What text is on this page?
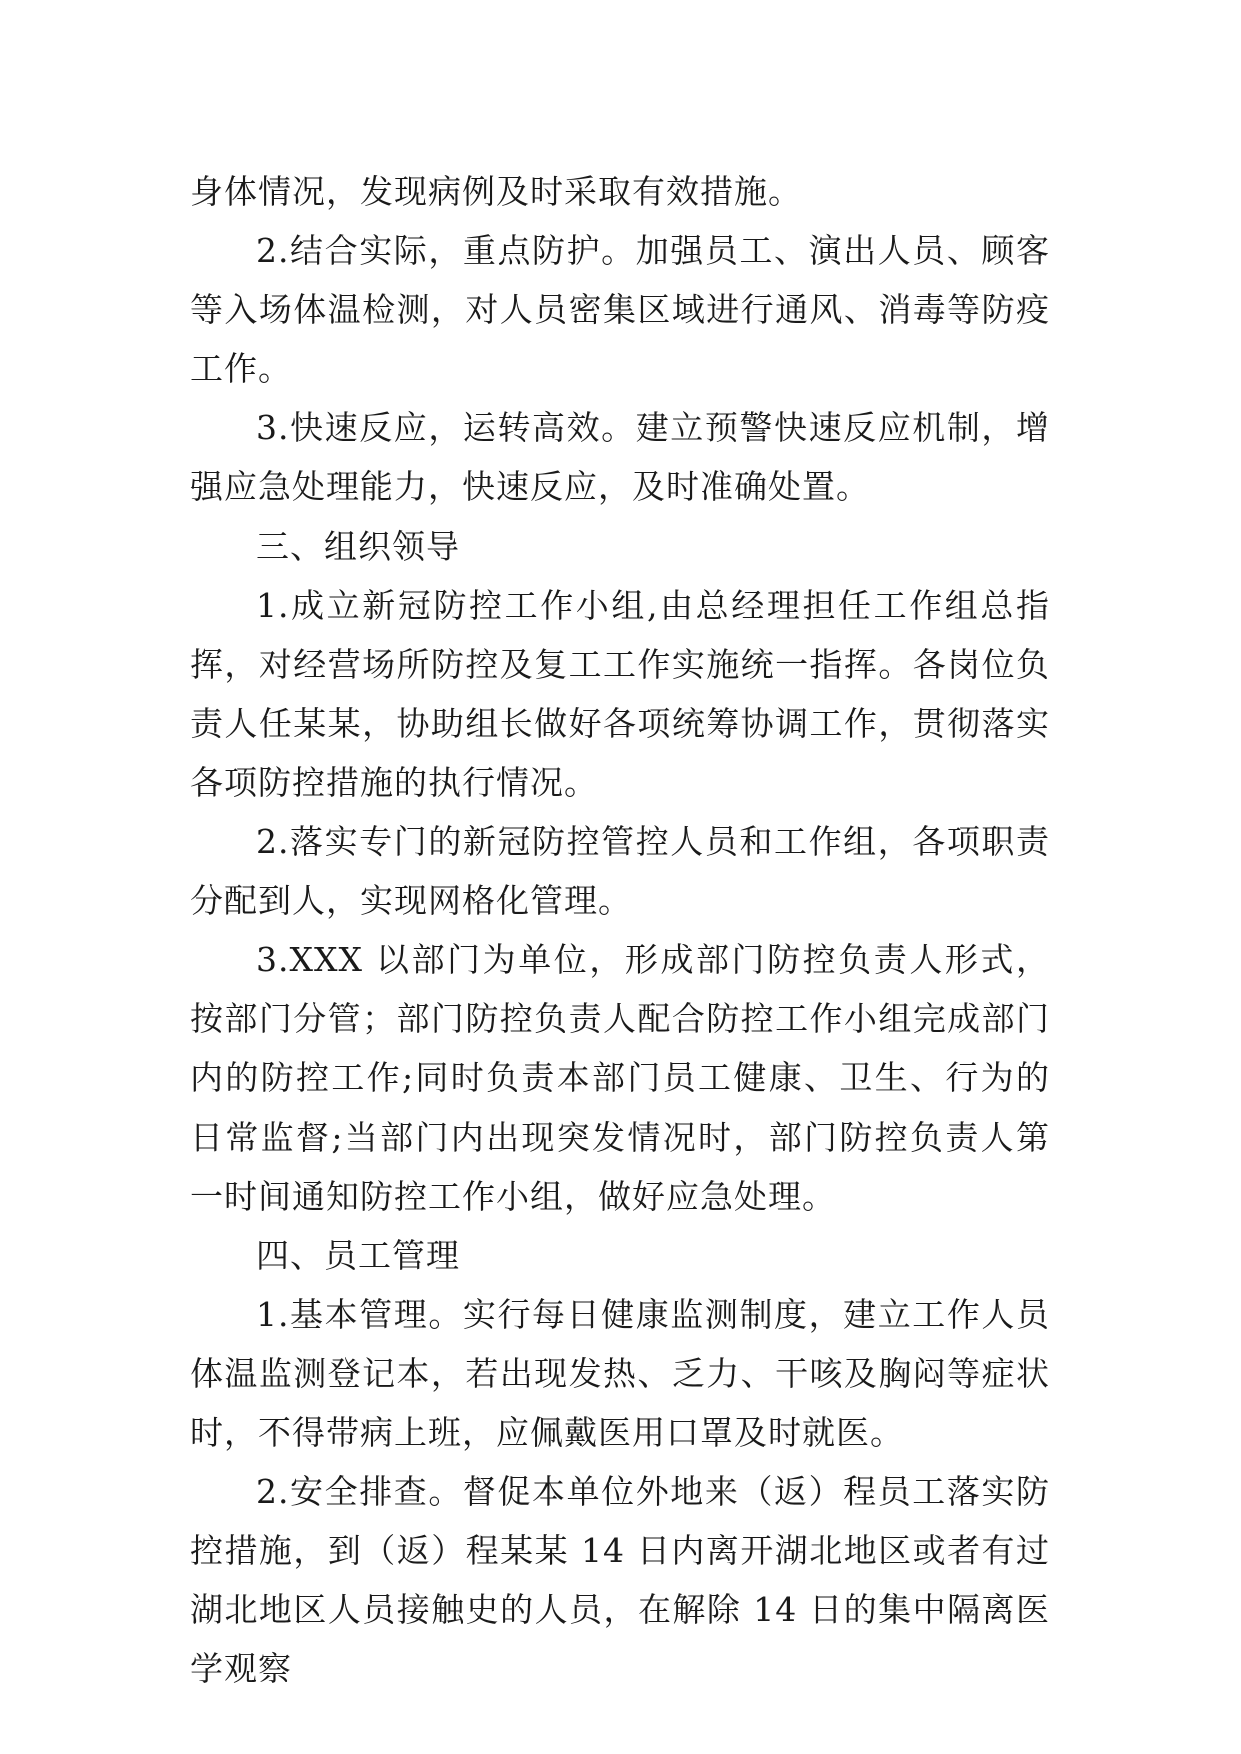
身体情况，发现病例及时采取有效措施。

2.结合实际，重点防护。加强员工、演出人员、顾客等入场体温检测，对人员密集区域进行通风、消毒等防疫工作。

3.快速反应，运转高效。建立预警快速反应机制，增强应急处理能力，快速反应，及时准确处置。

三、组织领导

1.成立新冠防控工作小组,由总经理担任工作组总指挥，对经营场所防控及复工工作实施统一指挥。各岗位负责人任某某，协助组长做好各项统筹协调工作，贯彻落实各项防控措施的执行情况。

2.落实专门的新冠防控管控人员和工作组，各项职责分配到人，实现网格化管理。

3.XXX 以部门为单位，形成部门防控负责人形式，按部门分管；部门防控负责人配合防控工作小组完成部门内的防控工作;同时负责本部门员工健康、卫生、行为的日常监督;当部门内出现突发情况时，部门防控负责人第一时间通知防控工作小组，做好应急处理。

四、员工管理

1.基本管理。实行每日健康监测制度，建立工作人员体温监测登记本，若出现发热、乏力、干咳及胸闷等症状时，不得带病上班，应佩戴医用口罩及时就医。

2.安全排查。督促本单位外地来（返）程员工落实防控措施，到（返）程某某 14 日内离开湖北地区或者有过湖北地区人员接触史的人员，在解除 14 日的集中隔离医学观察
